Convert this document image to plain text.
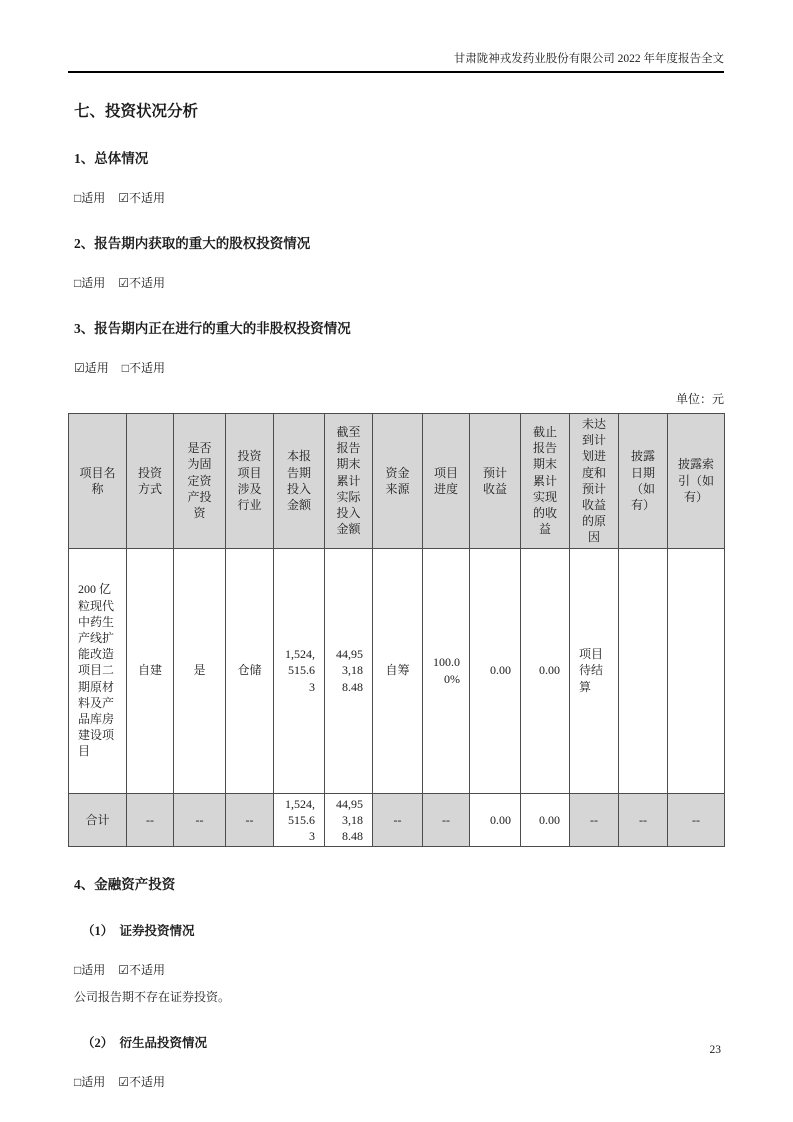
甘肃陇神戎发药业股份有限公司 2022 年年度报告全文
七、投资状况分析
1、总体情况
□适用 ☑不适用
2、报告期内获取的重大的股权投资情况
□适用 ☑不适用
3、报告期内正在进行的重大的非股权投资情况
☑适用 □不适用
单位：元
项目名称	投资方式	是否为固定资产投资	投资项目涉及行业	本报告期投入金额	截至报告期末累计实际投入金额	资金来源	项目进度	预计收益	截止报告期末累计实现的收益	未达到计划进度和预计收益的原因	披露日期（如有）	披露索引（如有）
200 亿粒现代中药生产线扩能改造项目二期原材料及产品库房建设项目	自建	是	仓储	1,524,515.63	44,953,188.48	自筹	100.00%	0.00	0.00	项目待结算		
合计	--	--	--	1,524,515.63	44,953,188.48	--	--	0.00	0.00	--	--	--
4、金融资产投资
（1） 证券投资情况
□适用 ☑不适用
公司报告期不存在证券投资。
（2） 衍生品投资情况
□适用 ☑不适用
23
